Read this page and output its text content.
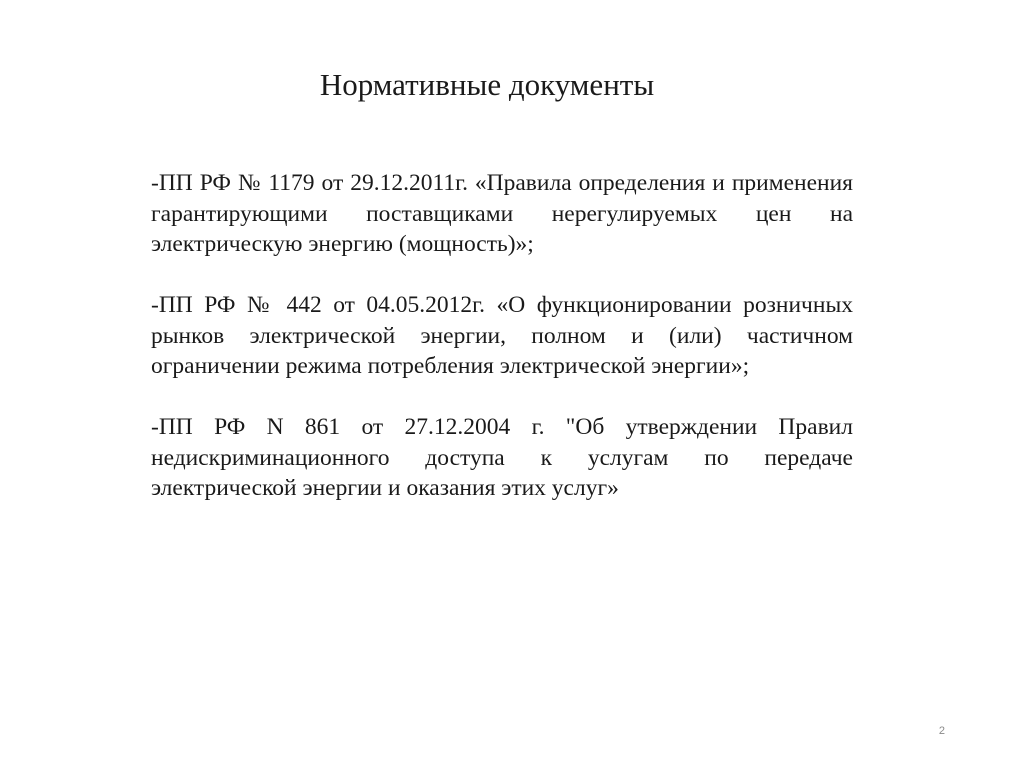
Нормативные документы

-ПП РФ № 1179 от 29.12.2011г. «Правила определения и применения гарантирующими поставщиками нерегулируемых цен на электрическую энергию (мощность)»;

-ПП РФ № 442 от 04.05.2012г. «О функционировании розничных рынков электрической энергии, полном и (или) частичном ограничении режима потребления электрической энергии»;

-ПП РФ N 861 от 27.12.2004 г. "Об утверждении Правил недискриминационного доступа к услугам по передаче электрической энергии и оказания этих услуг»

2
